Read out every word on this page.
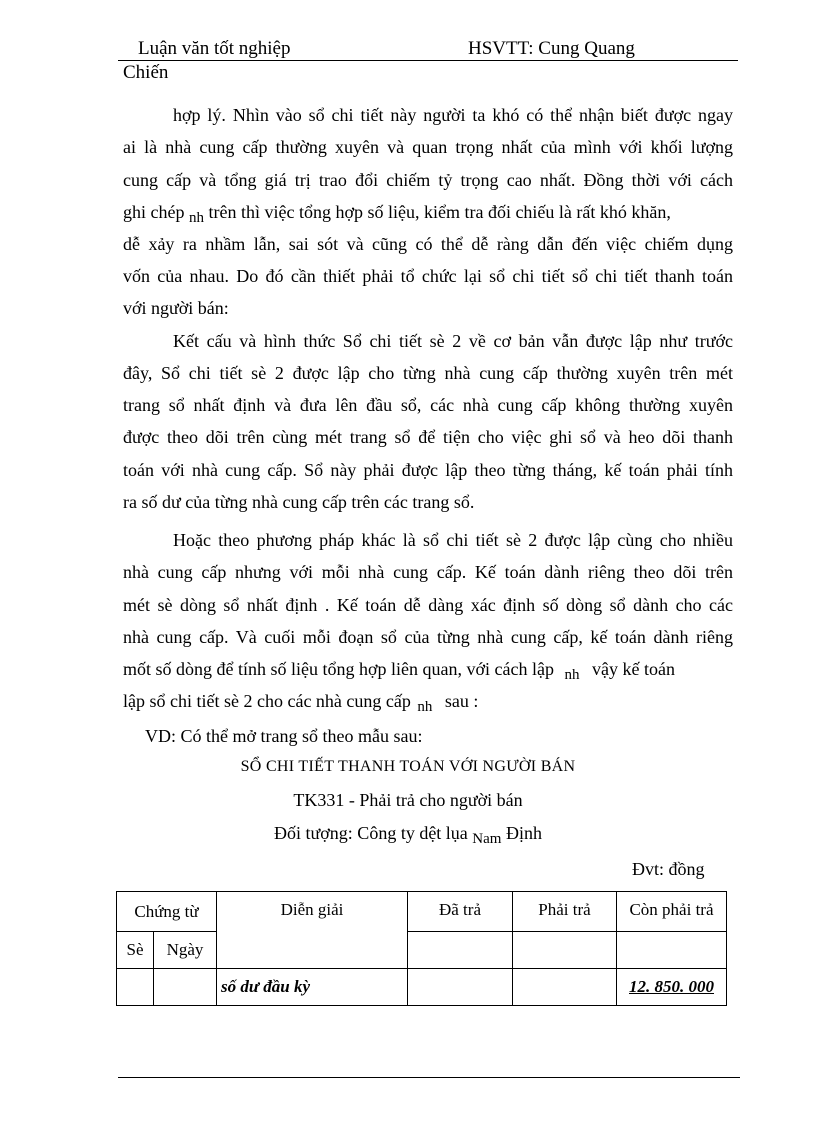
Luận văn tốt nghiệp	HSVTT: Cung Quang
Chiến
hợp lý. Nhìn vào sổ chi tiết này người ta khó có thể nhận biết được ngay
ai là nhà cung cấp thường xuyên và quan trọng nhất của mình với khối lượng
cung cấp và tổng giá trị trao đổi chiếm tỷ trọng cao nhất. Đồng thời với cách
ghi chép $_{nh}$ trên thì việc tổng hợp số liệu, kiểm tra đối chiếu là rất khó khăn,
dễ xảy ra nhầm lẫn, sai sót và cũng có thể dễ ràng dẫn đến việc chiếm dụng
vốn của nhau. Do đó cần thiết phải tổ chức lại sổ chi tiết sổ chi tiết thanh toán
với người bán:
Kết cấu và hình thức Sổ chi tiết sè 2 về cơ bản vẫn được lập như trước
đây, Sổ chi tiết sè 2 được lập cho từng nhà cung cấp thường xuyên trên mét
trang sổ nhất định và đưa lên đầu sổ, các nhà cung cấp không thường xuyên
được theo dõi trên cùng mét trang sổ để tiện cho việc ghi sổ và heo dõi thanh
toán với nhà cung cấp. Sổ này phải được lập theo từng tháng, kế toán phải tính
ra số dư của từng nhà cung cấp trên các trang sổ.
Hoặc theo phương pháp khác là sổ chi tiết sè 2 được lập cùng cho nhiều
nhà cung cấp nhưng với mỗi nhà cung cấp. Kế toán dành riêng theo dõi trên
mét sè dòng sổ nhất định . Kế toán dễ dàng xác định số dòng sổ dành cho các
nhà cung cấp. Và cuối mỗi đoạn sổ của từng nhà cung cấp, kế toán dành riêng
mốt số dòng để tính số liệu tổng hợp liên quan, với cách lập $_{nh}$ vậy kế toán
lập sổ chi tiết sè 2 cho các nhà cung cấp $_{nh}$ sau :
VD: Có thể mở trang sổ theo mẫu sau:
SỔ CHI TIẾT THANH TOÁN VỚI NGƯỜI BÁN
TK331 - Phải trả cho người bán
Đối tượng: Công ty dệt lụa $_{Nam}$ Định
Đvt: đồng
Chứng từ		Diễn giải	Đã trả	Phải trả	Còn phải trả
Sè	Ngày				
		số dư đầu kỳ			12. 850. 000
